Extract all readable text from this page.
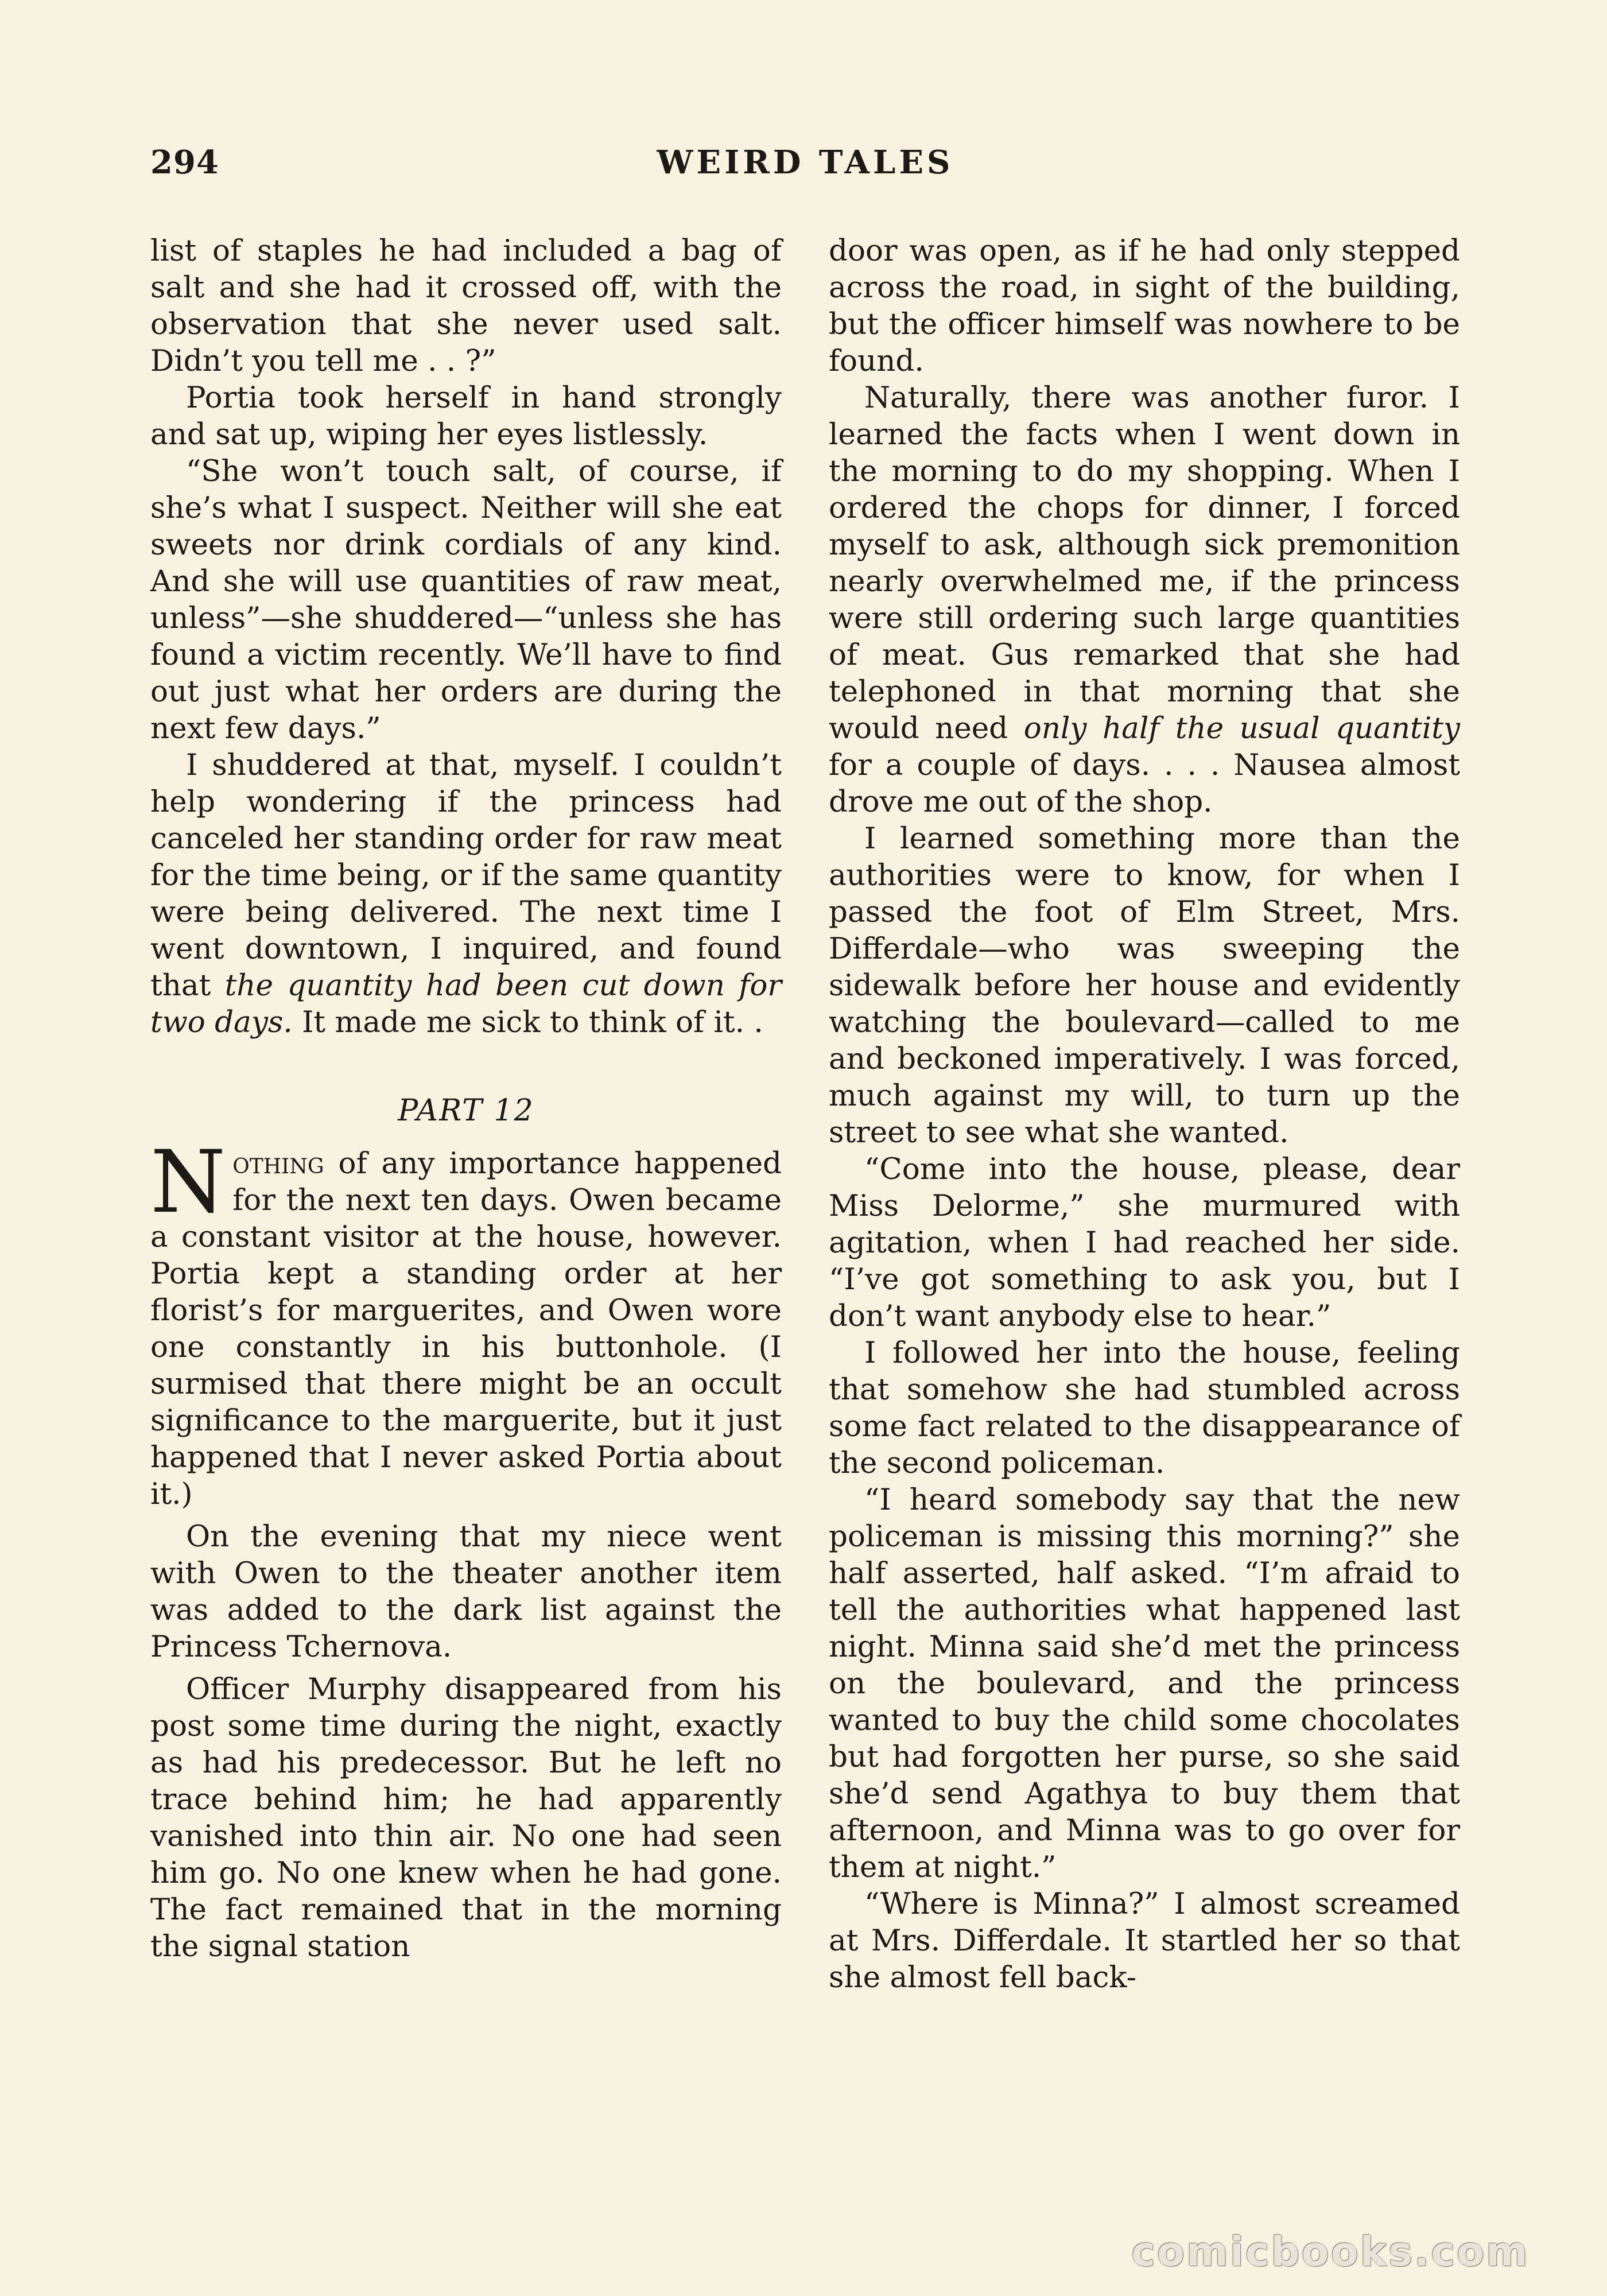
294	WEIRD TALES

list of staples he had included a bag of salt and she had it crossed off, with the observation that she never used salt. Didn’t you tell me . . ?”

Portia took herself in hand strongly and sat up, wiping her eyes listlessly.

“She won’t touch salt, of course, if she’s what I suspect. Neither will she eat sweets nor drink cordials of any kind. And she will use quantities of raw meat, unless”—she shuddered—“unless she has found a victim recently. We’ll have to find out just what her orders are during the next few days.”

I shuddered at that, myself. I couldn’t help wondering if the princess had canceled her standing order for raw meat for the time being, or if the same quantity were being delivered. The next time I went downtown, I inquired, and found that the quantity had been cut down for two days. It made me sick to think of it. .

PART 12

Nothing of any importance happened for the next ten days. Owen became a constant visitor at the house, however. Portia kept a standing order at her florist’s for marguerites, and Owen wore one constantly in his buttonhole. (I surmised that there might be an occult significance to the marguerite, but it just happened that I never asked Portia about it.)

On the evening that my niece went with Owen to the theater another item was added to the dark list against the Princess Tchernova.

Officer Murphy disappeared from his post some time during the night, exactly as had his predecessor. But he left no trace behind him; he had apparently vanished into thin air. No one had seen him go. No one knew when he had gone. The fact remained that in the morning the signal station

door was open, as if he had only stepped across the road, in sight of the building, but the officer himself was nowhere to be found.

Naturally, there was another furor. I learned the facts when I went down in the morning to do my shopping. When I ordered the chops for dinner, I forced myself to ask, although sick premonition nearly overwhelmed me, if the princess were still ordering such large quantities of meat. Gus remarked that she had telephoned in that morning that she would need only half the usual quantity for a couple of days. . . . Nausea almost drove me out of the shop.

I learned something more than the authorities were to know, for when I passed the foot of Elm Street, Mrs. Differdale—who was sweeping the sidewalk before her house and evidently watching the boulevard—called to me and beckoned imperatively. I was forced, much against my will, to turn up the street to see what she wanted.

“Come into the house, please, dear Miss Delorme,” she murmured with agitation, when I had reached her side. “I’ve got something to ask you, but I don’t want anybody else to hear.”

I followed her into the house, feeling that somehow she had stumbled across some fact related to the disappearance of the second policeman.

“I heard somebody say that the new policeman is missing this morning?” she half asserted, half asked. “I’m afraid to tell the authorities what happened last night. Minna said she’d met the princess on the boulevard, and the princess wanted to buy the child some chocolates but had forgotten her purse, so she said she’d send Agathya to buy them that afternoon, and Minna was to go over for them at night.”

“Where is Minna?” I almost screamed at Mrs. Differdale. It startled her so that she almost fell back-

comicbooks.com
